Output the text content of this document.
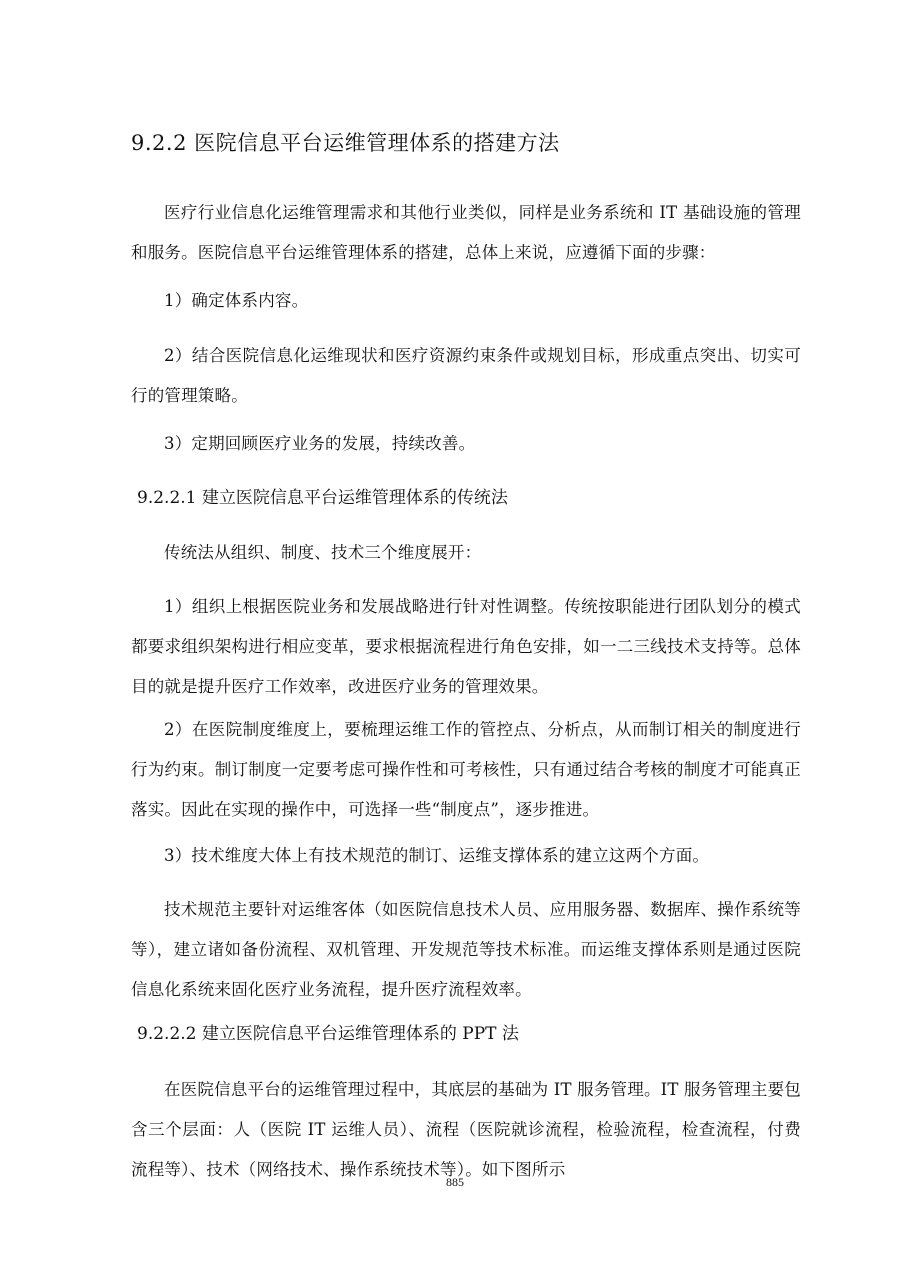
9.2.2 医院信息平台运维管理体系的搭建方法

医疗行业信息化运维管理需求和其他行业类似，同样是业务系统和 IT 基础设施的管理和服务。医院信息平台运维管理体系的搭建，总体上来说，应遵循下面的步骤：

1）确定体系内容。

2）结合医院信息化运维现状和医疗资源约束条件或规划目标，形成重点突出、切实可行的管理策略。

3）定期回顾医疗业务的发展，持续改善。

9.2.2.1 建立医院信息平台运维管理体系的传统法

传统法从组织、制度、技术三个维度展开：

1）组织上根据医院业务和发展战略进行针对性调整。传统按职能进行团队划分的模式都要求组织架构进行相应变革，要求根据流程进行角色安排，如一二三线技术支持等。总体目的就是提升医疗工作效率，改进医疗业务的管理效果。

2）在医院制度维度上，要梳理运维工作的管控点、分析点，从而制订相关的制度进行行为约束。制订制度一定要考虑可操作性和可考核性，只有通过结合考核的制度才可能真正落实。因此在实现的操作中，可选择一些“制度点”，逐步推进。

3）技术维度大体上有技术规范的制订、运维支撑体系的建立这两个方面。

技术规范主要针对运维客体（如医院信息技术人员、应用服务器、数据库、操作系统等等），建立诸如备份流程、双机管理、开发规范等技术标准。而运维支撑体系则是通过医院信息化系统来固化医疗业务流程，提升医疗流程效率。

9.2.2.2 建立医院信息平台运维管理体系的 PPT 法

在医院信息平台的运维管理过程中，其底层的基础为 IT 服务管理。IT 服务管理主要包含三个层面：人（医院 IT 运维人员）、流程（医院就诊流程，检验流程，检查流程，付费流程等）、技术（网络技术、操作系统技术等）。如下图所示

885
